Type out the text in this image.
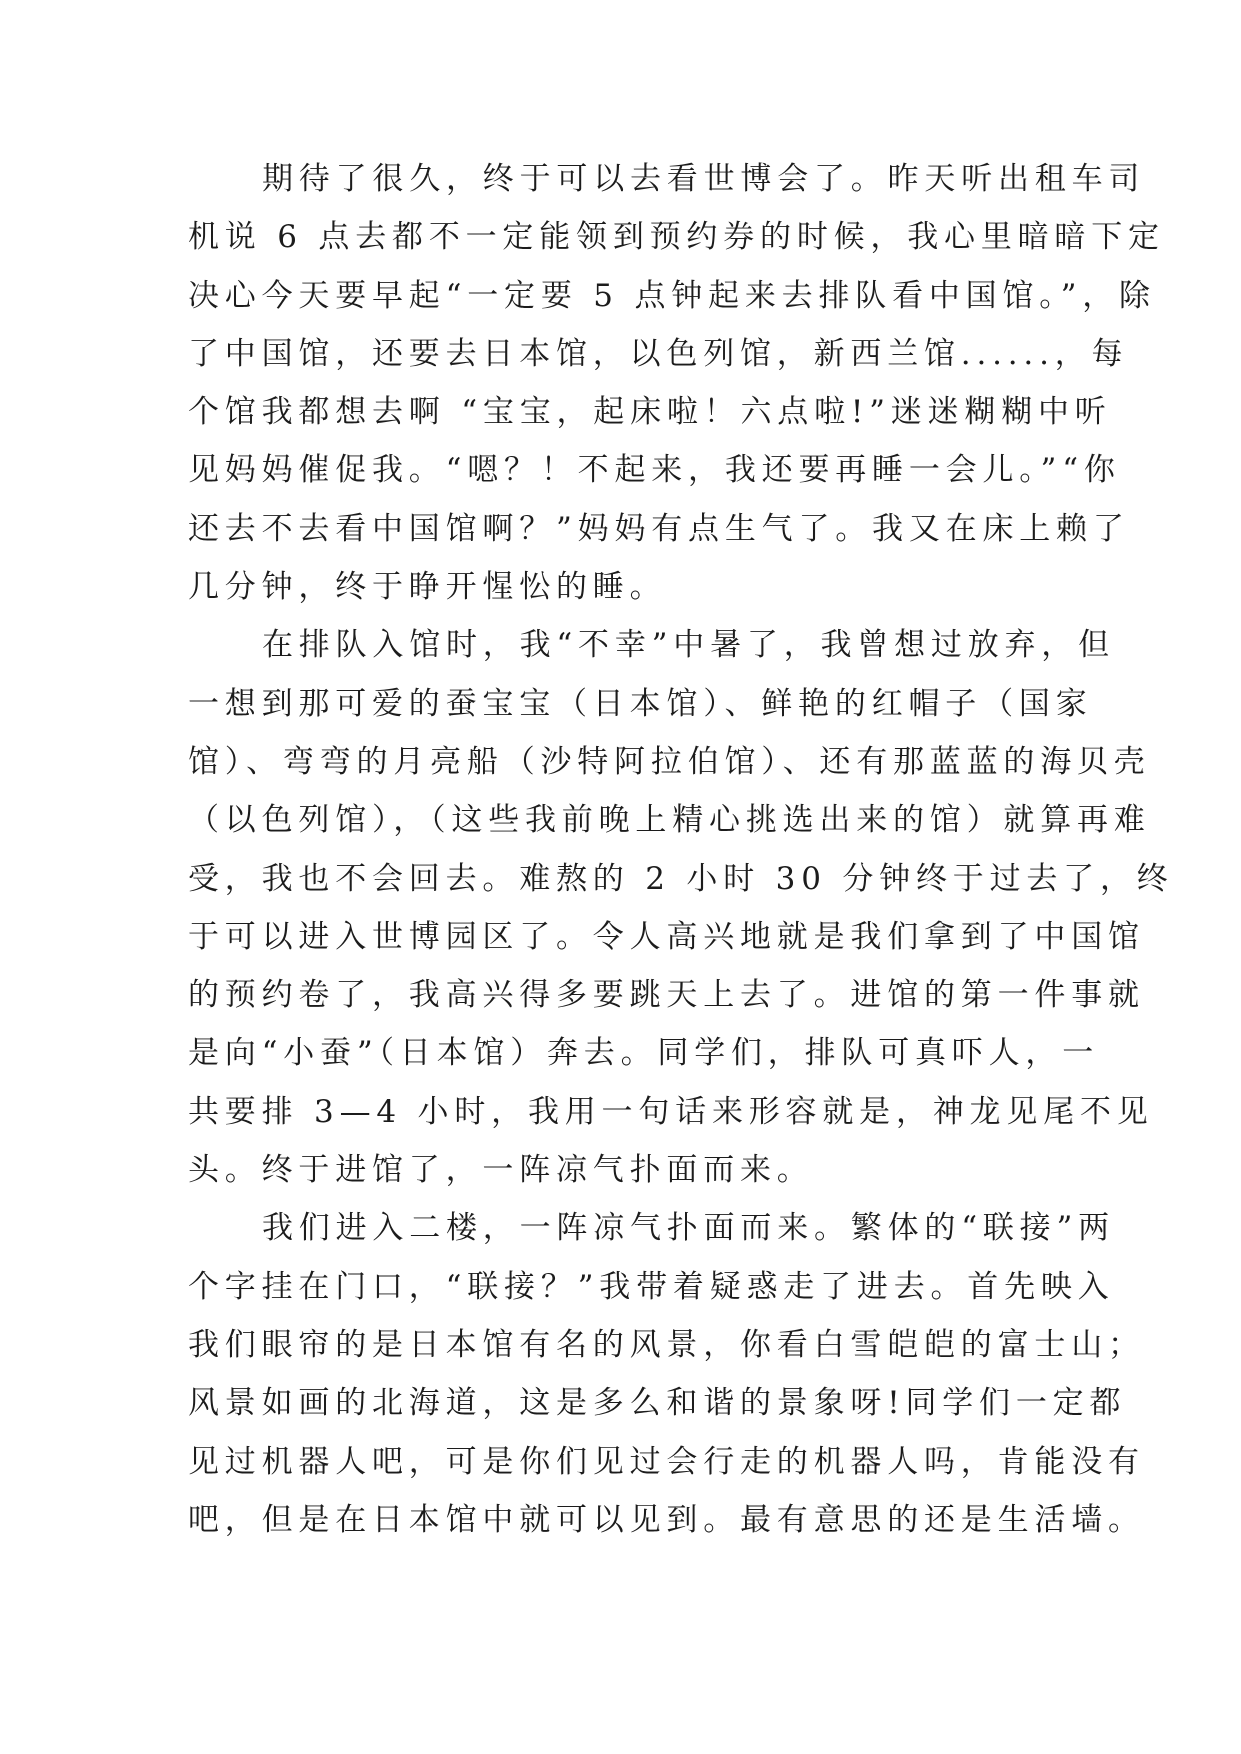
期待了很久，终于可以去看世博会了。昨天听出租车司
机说 6 点去都不一定能领到预约券的时候，我心里暗暗下定
决心今天要早起“一定要 5 点钟起来去排队看中国馆。”，除
了中国馆，还要去日本馆，以色列馆，新西兰馆......，每
个馆我都想去啊 “宝宝，起床啦！六点啦!”迷迷糊糊中听
见妈妈催促我。“嗯？！不起来，我还要再睡一会儿。”“你
还去不去看中国馆啊？”妈妈有点生气了。我又在床上赖了
几分钟，终于睁开惺忪的睡。

在排队入馆时，我“不幸”中暑了，我曾想过放弃，但
一想到那可爱的蚕宝宝（日本馆）、鲜艳的红帽子（国家
馆）、弯弯的月亮船（沙特阿拉伯馆）、还有那蓝蓝的海贝壳
（以色列馆），（这些我前晚上精心挑选出来的馆）就算再难
受，我也不会回去。难熬的 2 小时 30 分钟终于过去了，终
于可以进入世博园区了。令人高兴地就是我们拿到了中国馆
的预约卷了，我高兴得多要跳天上去了。进馆的第一件事就
是向“小蚕”（日本馆）奔去。同学们，排队可真吓人，一
共要排 3—4 小时，我用一句话来形容就是，神龙见尾不见
头。终于进馆了，一阵凉气扑面而来。

我们进入二楼，一阵凉气扑面而来。繁体的“联接”两
个字挂在门口，“联接？”我带着疑惑走了进去。首先映入
我们眼帘的是日本馆有名的风景，你看白雪皑皑的富士山；
风景如画的北海道，这是多么和谐的景象呀!同学们一定都
见过机器人吧，可是你们见过会行走的机器人吗，肯能没有
吧，但是在日本馆中就可以见到。最有意思的还是生活墙。
